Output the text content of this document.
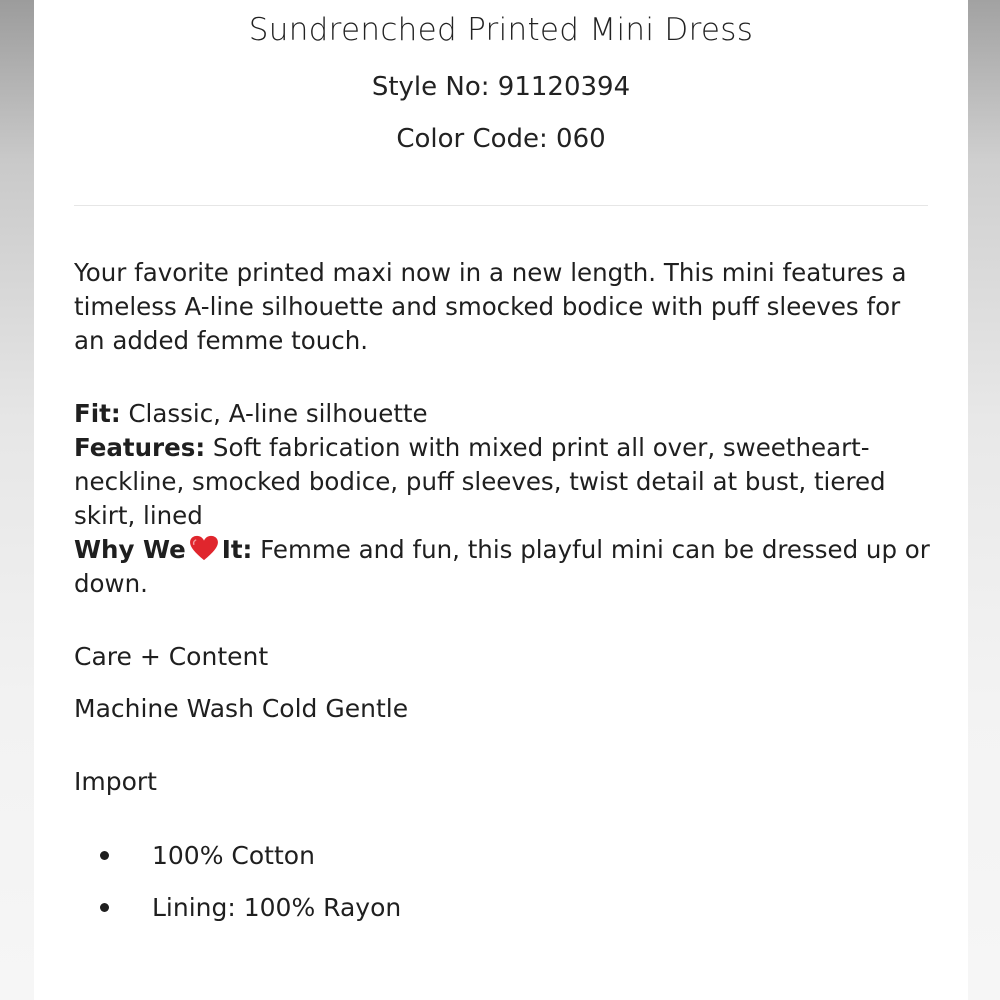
Sundrenched Printed Mini Dress
Style No: 91120394
Color Code: 060
Your favorite printed maxi now in a new length. This mini features a timeless A-line silhouette and smocked bodice with puff sleeves for an added femme touch.
Fit: Classic, A-line silhouette
Features: Soft fabrication with mixed print all over, sweetheart-neckline, smocked bodice, puff sleeves, twist detail at bust, tiered skirt, lined
Why We It: Femme and fun, this playful mini can be dressed up or down.
Care + Content
Machine Wash Cold Gentle
Import
100% Cotton
Lining: 100% Rayon
